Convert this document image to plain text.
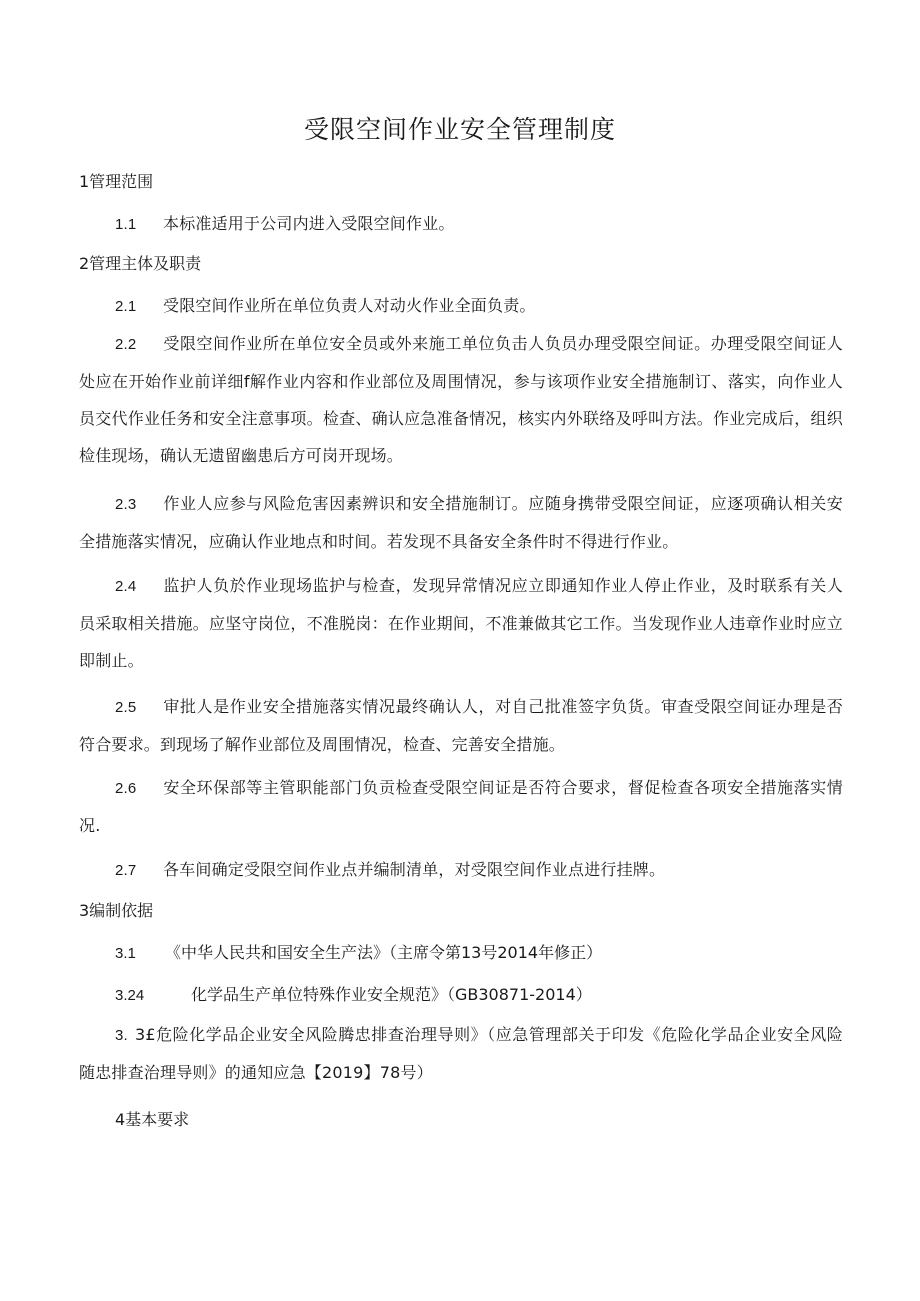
受限空间作业安全管理制度
1管理范围
1.1 本标准适用于公司内进入受限空间作业。
2管理主体及职责
2.1 受限空间作业所在单位负责人对动火作业全面负责。
2.2 受限空间作业所在单位安全员或外来施工单位负击人负员办理受限空间证。办理受限空间证人处应在开始作业前详细f解作业内容和作业部位及周围情况，参与该项作业安全措施制订、落实，向作业人员交代作业任务和安全注意事项。检查、确认应急准备情况，核实内外联络及呼叫方法。作业完成后，组织检佳现场，确认无遗留幽患后方可岗开现场。
2.3 作业人应参与风险危害因素辨识和安全措施制订。应随身携带受限空间证，应逐项确认相关安全措施落实情况，应确认作业地点和时间。若发现不具备安全条件时不得进行作业。
2.4 监护人负於作业现场监护与检查，发现异常情况应立即通知作业人停止作业，及时联系有关人员采取相关措施。应坚守岗位，不准脱岗：在作业期间，不准兼做其它工作。当发现作业人违章作业时应立即制止。
2.5 审批人是作业安全措施落实情况最终确认人，对自己批准签字负货。审查受限空间证办理是否符合要求。到现场了解作业部位及周围情况，检查、完善安全措施。
2.6 安全环保部等主管职能部门负贡检查受限空间证是否符合要求，督促检查各项安全措施落实情况.
2.7 各车间确定受限空间作业点并编制清单，对受限空间作业点进行挂牌。
3编制依据
3.1 《中华人民共和国安全生产法》（主席令第13号2014年修正）
3.24	化学品生产单位特殊作业安全规范》（GB30871-2014）
3. 3£危险化学品企业安全风险腾忠排查治理导则》（应急管理部关于印发《危险化学品企业安全风险随忠排查治理导则》的通知应急【2019】78号）
4基本要求
